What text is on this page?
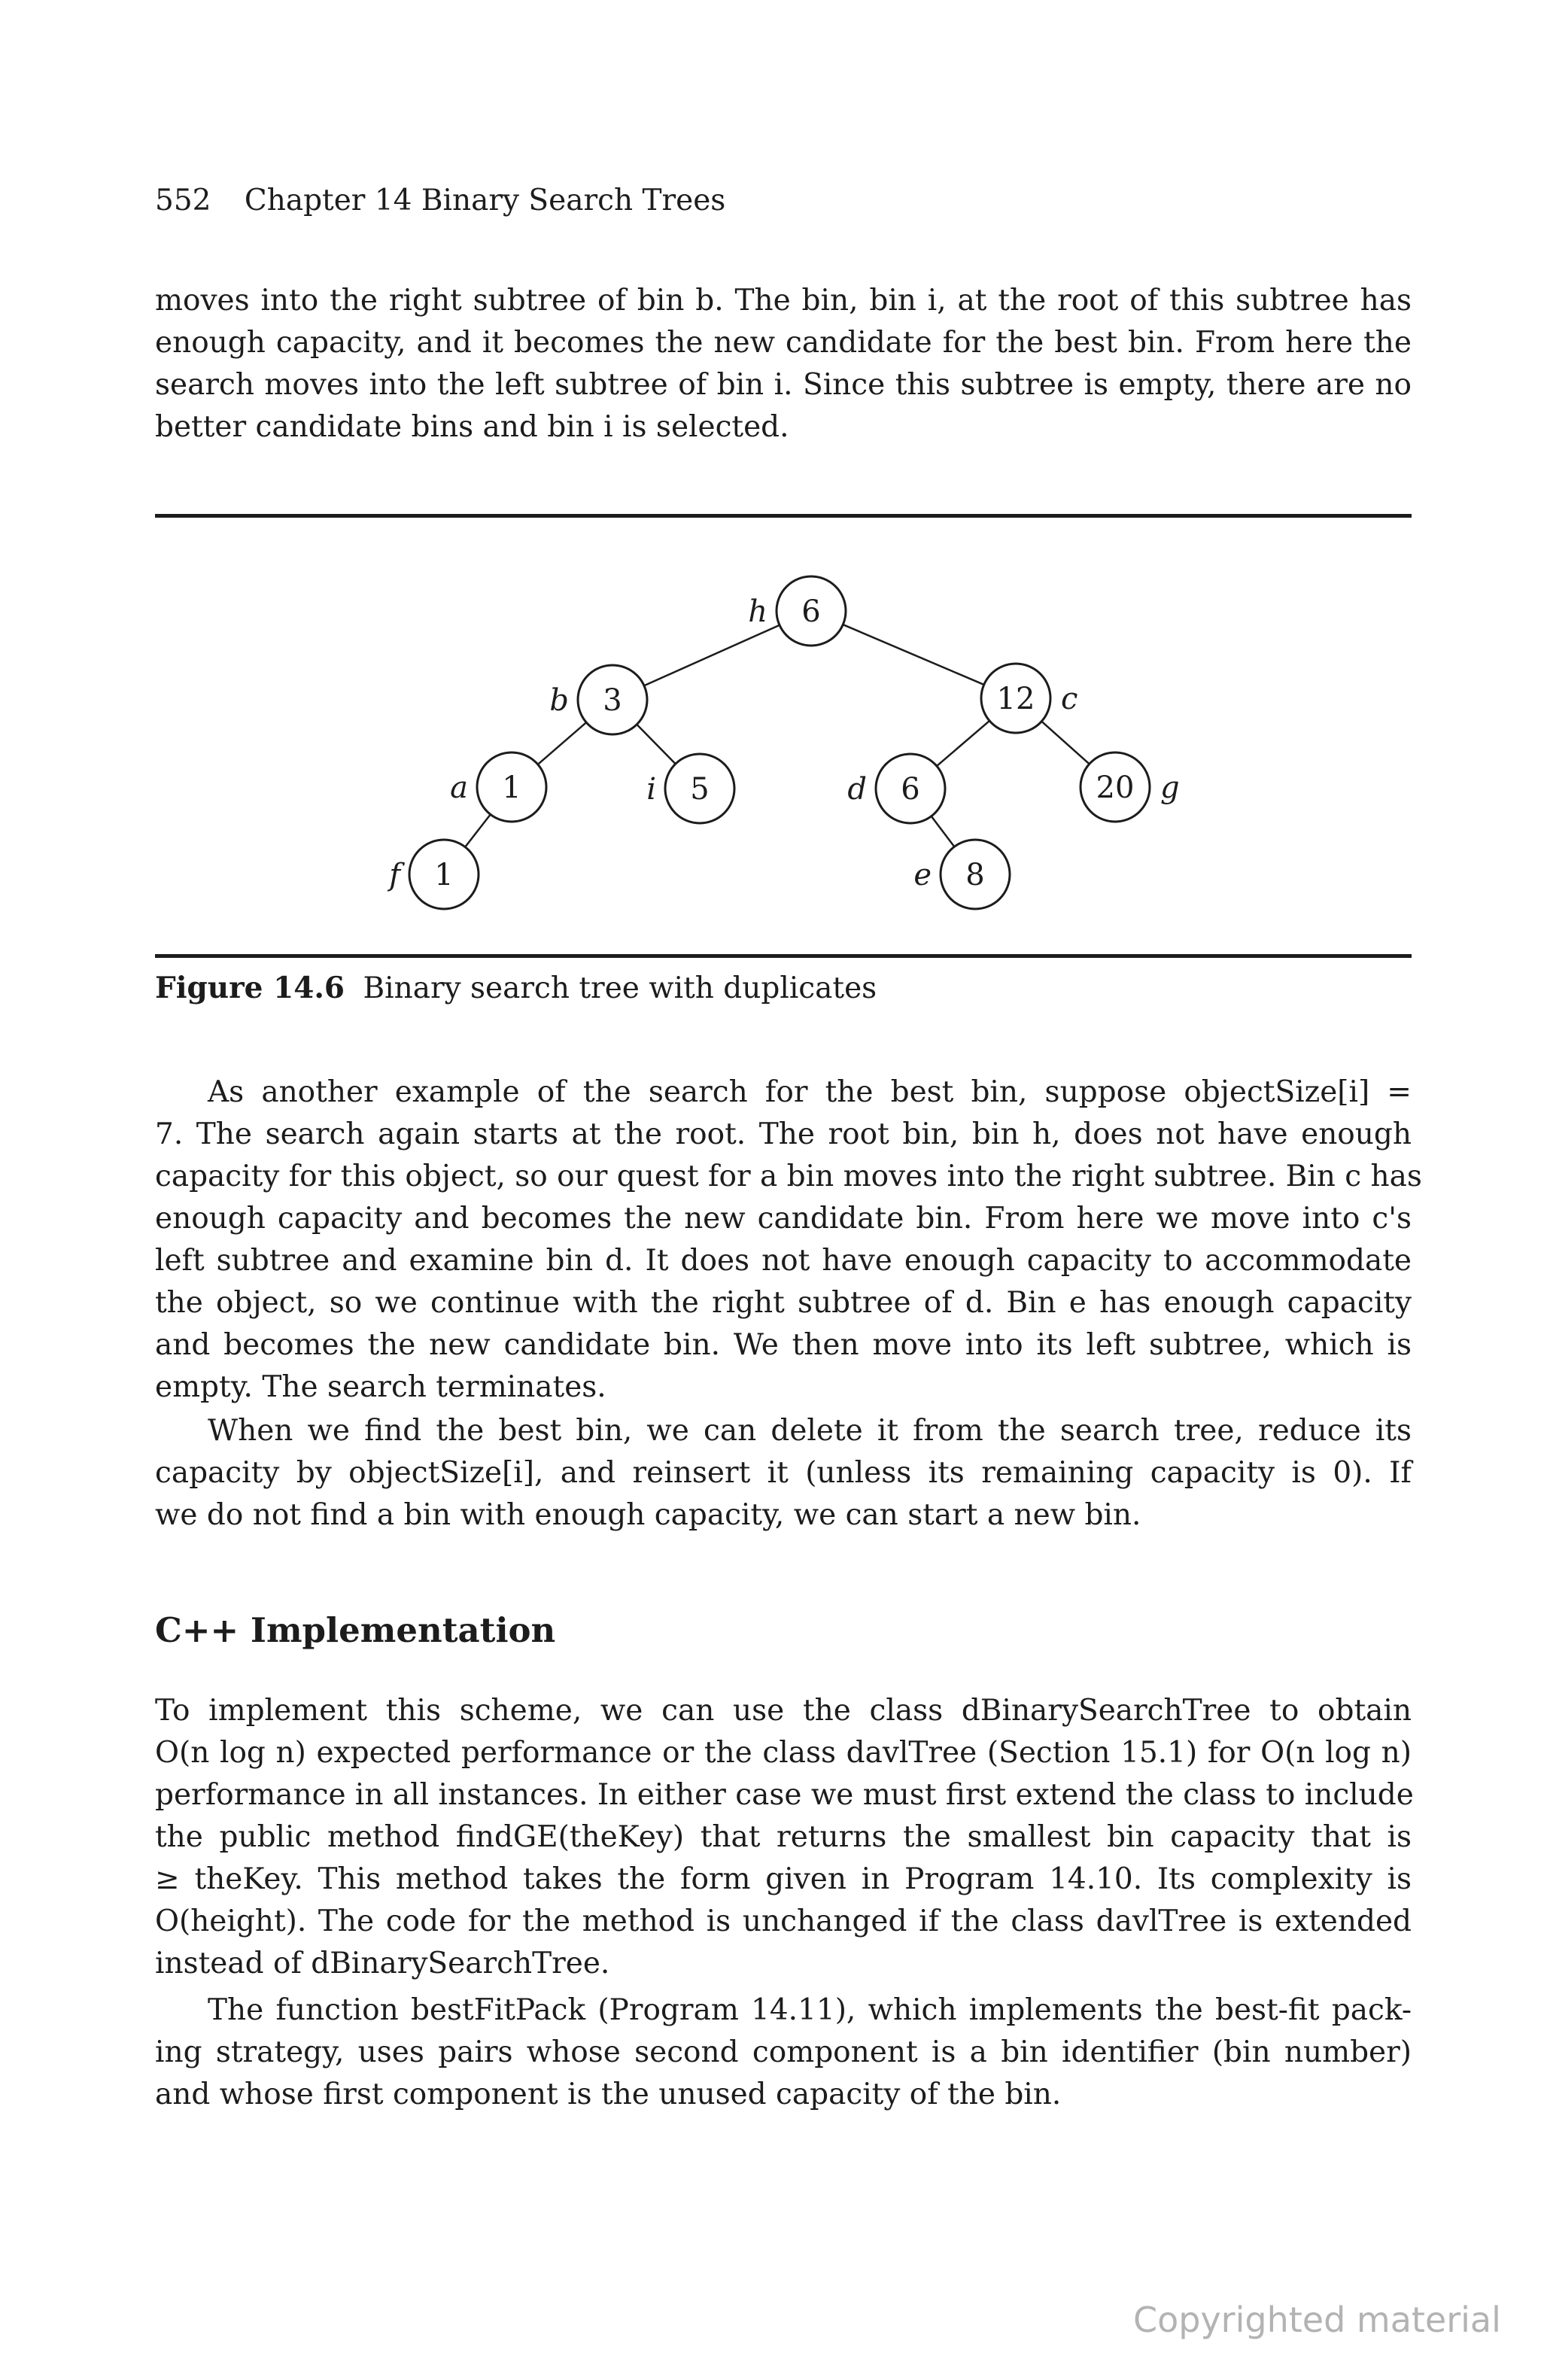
552 Chapter 14 Binary Search Trees

moves into the right subtree of bin b. The bin, bin i, at the root of this subtree has
enough capacity, and it becomes the new candidate for the best bin. From here the
search moves into the left subtree of bin i. Since this subtree is empty, there are no
better candidate bins and bin i is selected.

6
h
3
b	12 c
1
a	5
i	6
d	20 g
1
f	8
e
Figure 14.6 Binary search tree with duplicates

As another example of the search for the best bin, suppose objectSize[i] =
7. The search again starts at the root. The root bin, bin h, does not have enough
capacity for this object, so our quest for a bin moves into the right subtree. Bin c has
enough capacity and becomes the new candidate bin. From here we move into c's
left subtree and examine bin d. It does not have enough capacity to accommodate
the object, so we continue with the right subtree of d. Bin e has enough capacity
and becomes the new candidate bin. We then move into its left subtree, which is
empty. The search terminates.

When we find the best bin, we can delete it from the search tree, reduce its
capacity by objectSize[i], and reinsert it (unless its remaining capacity is 0). If
we do not find a bin with enough capacity, we can start a new bin.

C++ Implementation

To implement this scheme, we can use the class dBinarySearchTree to obtain
O(n log n) expected performance or the class davlTree (Section 15.1) for O(n log n)
performance in all instances. In either case we must first extend the class to include
the public method findGE(theKey) that returns the smallest bin capacity that is
≥ theKey. This method takes the form given in Program 14.10. Its complexity is
O(height). The code for the method is unchanged if the class davlTree is extended
instead of dBinarySearchTree.

The function bestFitPack (Program 14.11), which implements the best-fit pack-
ing strategy, uses pairs whose second component is a bin identifier (bin number)
and whose first component is the unused capacity of the bin.

Copyrighted material
